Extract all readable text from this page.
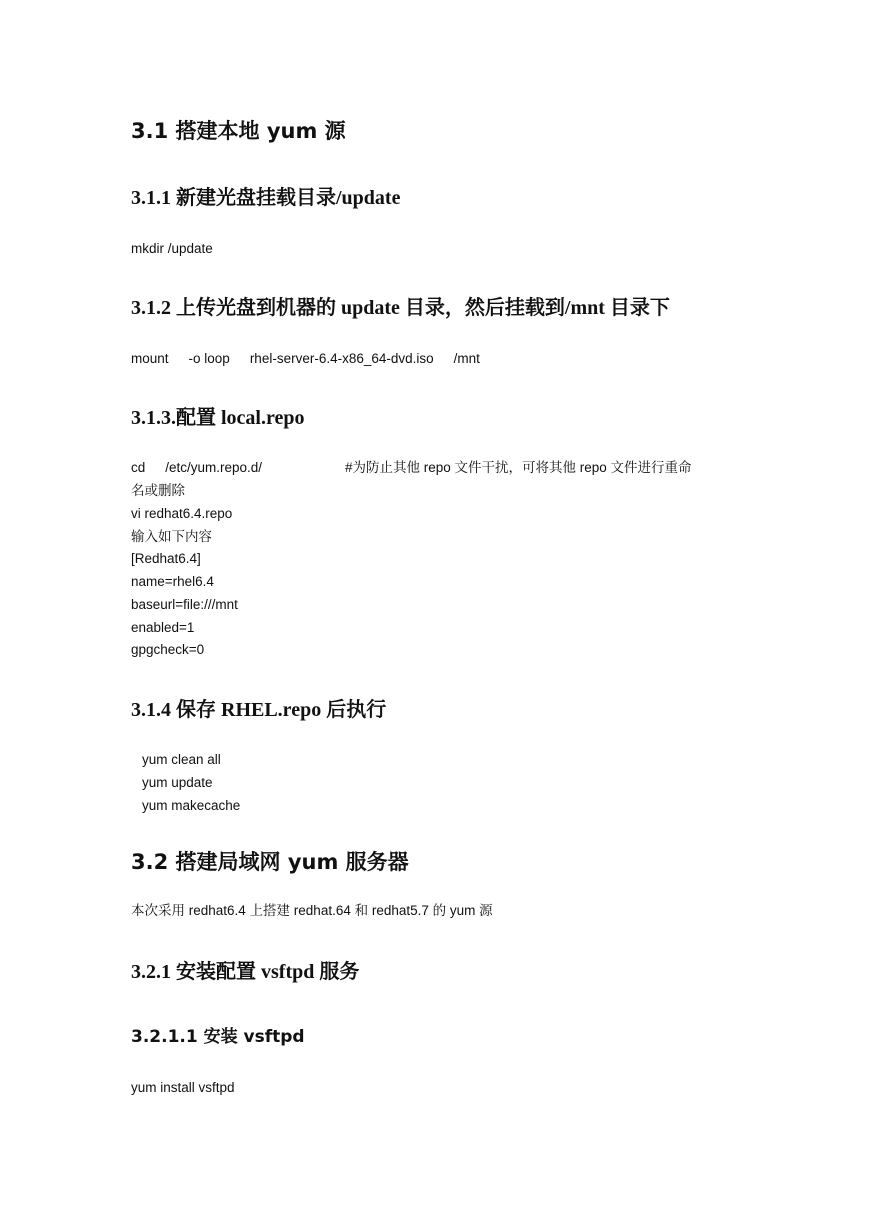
3.1 搭建本地 yum 源
3.1.1 新建光盘挂载目录/update
mkdir /update
3.1.2 上传光盘到机器的 update 目录，然后挂载到/mnt 目录下
mount -o loop rhel-server-6.4-x86_64-dvd.iso /mnt
3.1.3.配置 local.repo
cd /etc/yum.repo.d/	#为防止其他 repo 文件干扰，可将其他 repo 文件进行重命
名或删除
vi redhat6.4.repo
输入如下内容
[Redhat6.4]
name=rhel6.4
baseurl=file:///mnt
enabled=1
gpgcheck=0
3.1.4 保存 RHEL.repo 后执行
yum clean all
yum update
yum makecache
3.2 搭建局域网 yum 服务器
本次采用 redhat6.4 上搭建 redhat.64 和 redhat5.7 的 yum 源
3.2.1 安装配置 vsftpd 服务
3.2.1.1 安装 vsftpd
yum install vsftpd
